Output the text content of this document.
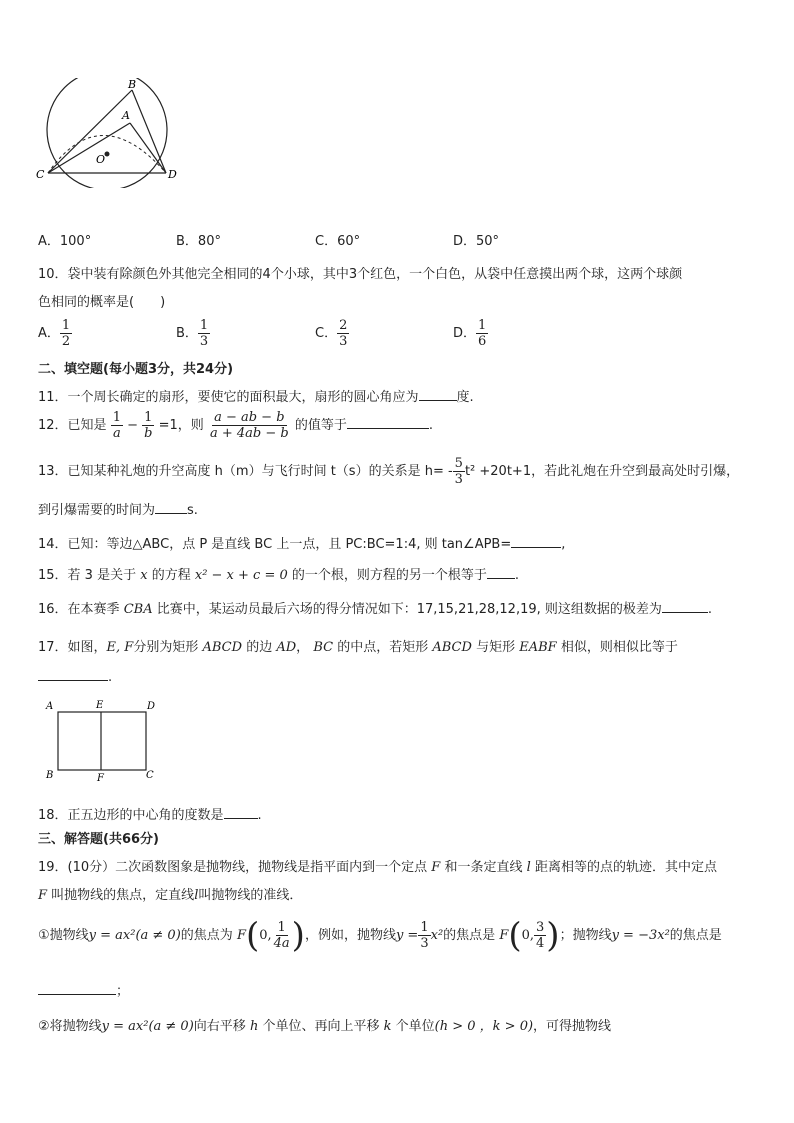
B
A
O
C	D
A．100°	B．80°	C．60°	D．50°
10．袋中装有除颜色外其他完全相同的4个小球，其中3个红色，一个白色，从袋中任意摸出两个球，这两个球颜
色相同的概率是(　　)
A． $\frac{1}{2}$	B． $\frac{1}{3}$	C． $\frac{2}{3}$	D． $\frac{1}{6}$
二、填空题(每小题3分，共24分)
11．一个周长确定的扇形，要使它的面积最大，扇形的圆心角应为	度.
12．已知是 $\frac{1}{a} - \frac{1}{b} =1$，则 $\frac{a - ab - b}{a + 4ab - b}$ 的值等于	.
13．已知某种礼炮的升空高度 h（m）与飞行时间 t（s）的关系是 $h= - \frac{5}{3} t^2 +20t+1$，若此礼炮在升空到最高处时引爆，
到引爆需要的时间为 s.
14．已知：等边△ABC，点 P 是直线 BC 上一点，且 PC:BC=1:4, 则 tan∠APB=	,
15．若 3 是关于 x 的方程 x² − x + c = 0 的一个根，则方程的另一个根等于 .
16．在本赛季 CBA 比赛中，某运动员最后六场的得分情况如下：17,15,21,28,12,19, 则这组数据的极差为	.
17．如图，E, F分别为矩形 ABCD 的边 AD， BC 的中点，若矩形 ABCD 与矩形 EABF 相似，则相似比等于
.
A	E	D
B	F	C
18．正五边形的中心角的度数是	.
三、解答题(共66分)
19．(10分）二次函数图象是抛物线，抛物线是指平面内到一个定点 F 和一条定直线 l 距离相等的点的轨迹．其中定点
F 叫抛物线的焦点，定直线l叫抛物线的准线．
①抛物线y = ax²(a ≠ 0)的焦点为 F(0, $\frac{1}{4a}$ )，例如，抛物线$y = \frac{1}{3} x^2$的焦点是 F(0, $\frac{3}{4}$ )；抛物线y = −3x²的焦点是
；
②将抛物线y = ax²(a ≠ 0)向右平移 h 个单位、再向上平移 k 个单位(h > 0 ，k > 0)，可得抛物线
